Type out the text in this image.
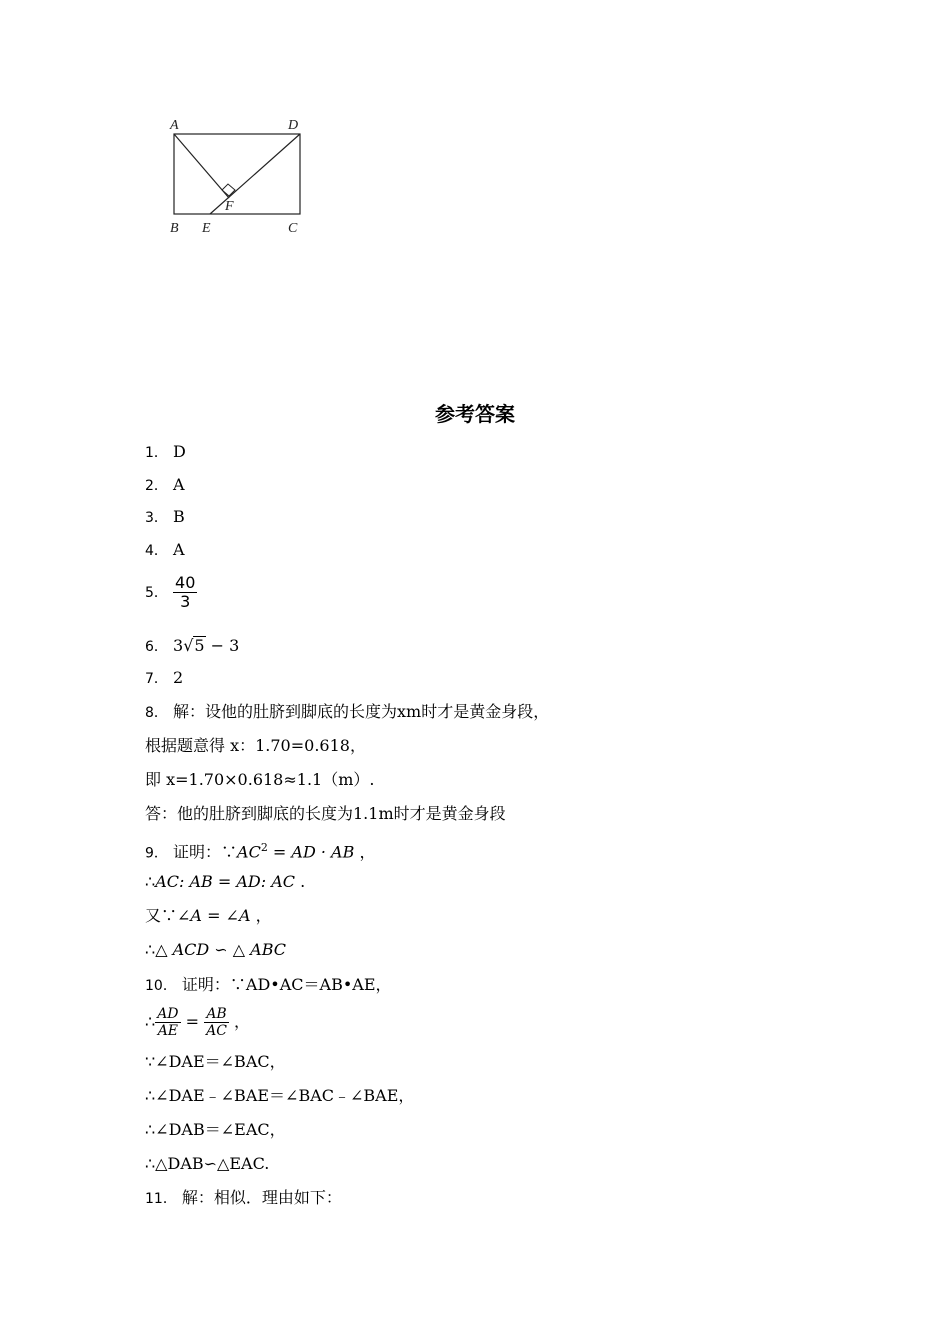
A	D
B E	C
F
参考答案
1． D
2． A
3． B
4． A
5． $\frac{40}{3}$
6． 3√5 − 3
7． 2
8． 解：设他的肚脐到脚底的长度为xm时才是黄金身段，
根据题意得 x：1.70=0.618，
即 x=1.70×0.618≈1.1（m）.
答：他的肚脐到脚底的长度为1.1m时才是黄金身段
9． 证明：$\because AC^2$ = AD · AB ，
∴AC: AB = AD: AC .
又∵∠A = ∠A ，
∴△ ACD ∽ △ ABC
10． 证明：∵AD•AC＝AB•AE，
∴ $\frac{AD}{AE} = \frac{AB}{AC}$ ，
∵∠DAE＝∠BAC，
∴∠DAE﹣∠BAE＝∠BAC﹣∠BAE，
∴∠DAB＝∠EAC，
∴△DAB∽△EAC.
11． 解：相似．理由如下：
